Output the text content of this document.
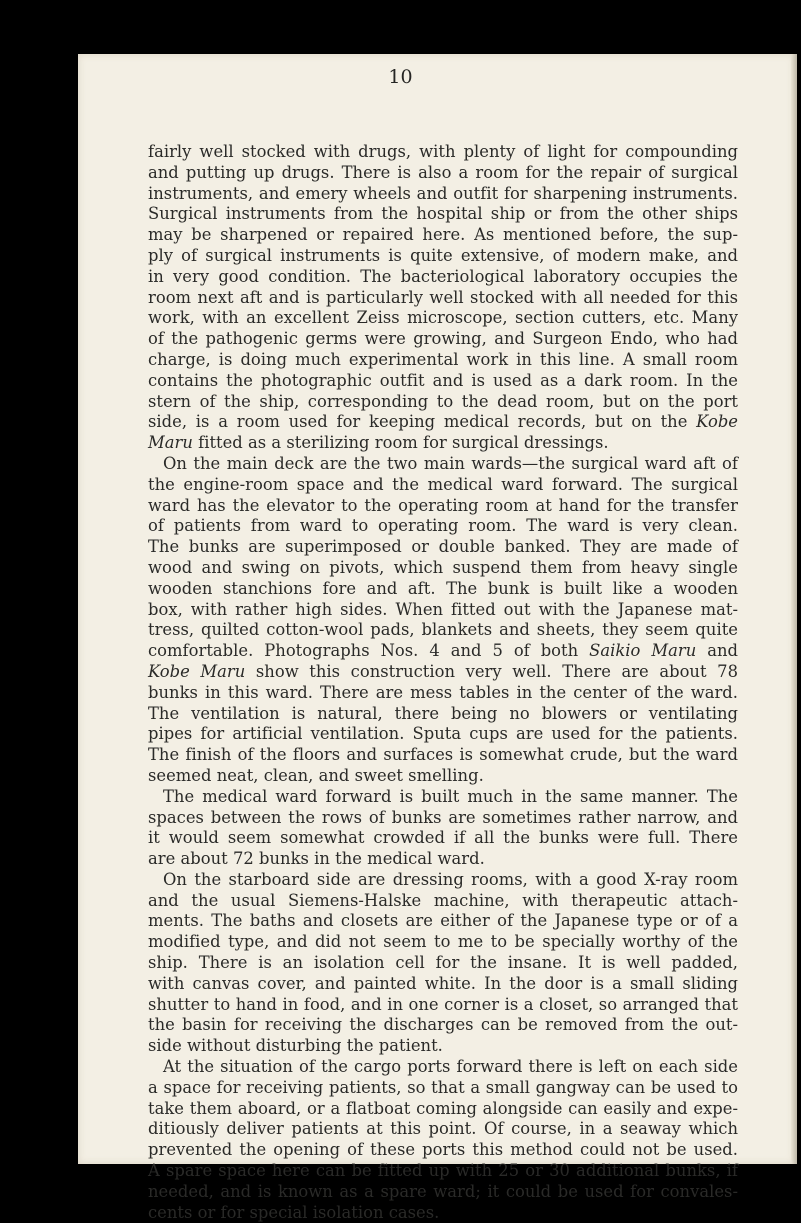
10
fairly well stocked with drugs, with plenty of light for compounding
and putting up drugs. There is also a room for the repair of surgical
instruments, and emery wheels and outfit for sharpening instruments.
Surgical instruments from the hospital ship or from the other ships
may be sharpened or repaired here. As mentioned before, the sup-
ply of surgical instruments is quite extensive, of modern make, and
in very good condition. The bacteriological laboratory occupies the
room next aft and is particularly well stocked with all needed for this
work, with an excellent Zeiss microscope, section cutters, etc. Many
of the pathogenic germs were growing, and Surgeon Endo, who had
charge, is doing much experimental work in this line. A small room
contains the photographic outfit and is used as a dark room. In the
stern of the ship, corresponding to the dead room, but on the port
side, is a room used for keeping medical records, but on the Kobe
Maru fitted as a sterilizing room for surgical dressings.
On the main deck are the two main wards—the surgical ward aft of
the engine-room space and the medical ward forward. The surgical
ward has the elevator to the operating room at hand for the transfer
of patients from ward to operating room. The ward is very clean.
The bunks are superimposed or double banked. They are made of
wood and swing on pivots, which suspend them from heavy single
wooden stanchions fore and aft. The bunk is built like a wooden
box, with rather high sides. When fitted out with the Japanese mat-
tress, quilted cotton-wool pads, blankets and sheets, they seem quite
comfortable. Photographs Nos. 4 and 5 of both Saikio Maru and
Kobe Maru show this construction very well. There are about 78
bunks in this ward. There are mess tables in the center of the ward.
The ventilation is natural, there being no blowers or ventilating
pipes for artificial ventilation. Sputa cups are used for the patients.
The finish of the floors and surfaces is somewhat crude, but the ward
seemed neat, clean, and sweet smelling.
The medical ward forward is built much in the same manner. The
spaces between the rows of bunks are sometimes rather narrow, and
it would seem somewhat crowded if all the bunks were full. There
are about 72 bunks in the medical ward.
On the starboard side are dressing rooms, with a good X-ray room
and the usual Siemens-Halske machine, with therapeutic attach-
ments. The baths and closets are either of the Japanese type or of a
modified type, and did not seem to me to be specially worthy of the
ship. There is an isolation cell for the insane. It is well padded,
with canvas cover, and painted white. In the door is a small sliding
shutter to hand in food, and in one corner is a closet, so arranged that
the basin for receiving the discharges can be removed from the out-
side without disturbing the patient.
At the situation of the cargo ports forward there is left on each side
a space for receiving patients, so that a small gangway can be used to
take them aboard, or a flatboat coming alongside can easily and expe-
ditiously deliver patients at this point. Of course, in a seaway which
prevented the opening of these ports this method could not be used.
A spare space here can be fitted up with 25 or 30 additional bunks, if
needed, and is known as a spare ward; it could be used for convales-
cents or for special isolation cases.
